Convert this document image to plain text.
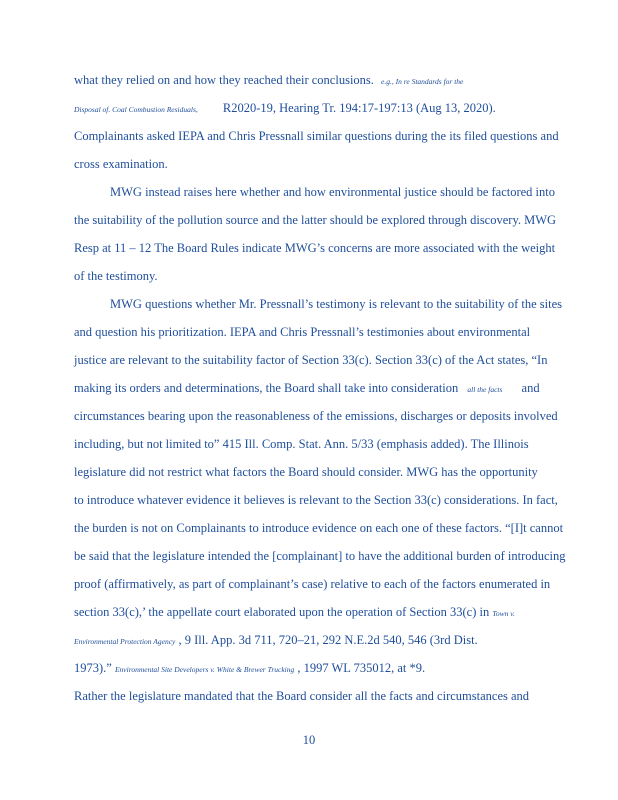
what they relied on and how they reached their conclusions. e.g., In re Standards for the
Disposal of. Coal Combustion Residuals, R2020-19, Hearing Tr. 194:17-197:13 (Aug 13, 2020).
Complainants asked IEPA and Chris Pressnall similar questions during the its filed questions and
cross examination.
MWG instead raises here whether and how environmental justice should be factored into
the suitability of the pollution source and the latter should be explored through discovery. MWG
Resp at 11 – 12 The Board Rules indicate MWG’s concerns are more associated with the weight
of the testimony.
MWG questions whether Mr. Pressnall’s testimony is relevant to the suitability of the sites
and question his prioritization. IEPA and Chris Pressnall’s testimonies about environmental
justice are relevant to the suitability factor of Section 33(c). Section 33(c) of the Act states, “In
making its orders and determinations, the Board shall take into consideration all the facts and
circumstances bearing upon the reasonableness of the emissions, discharges or deposits involved
including, but not limited to” 415 Ill. Comp. Stat. Ann. 5/33 (emphasis added). The Illinois
legislature did not restrict what factors the Board should consider. MWG has the opportunity
to introduce whatever evidence it believes is relevant to the Section 33(c) considerations. In fact,
the burden is not on Complainants to introduce evidence on each one of these factors. “[I]t cannot
be said that the legislature intended the [complainant] to have the additional burden of introducing
proof (affirmatively, as part of complainant’s case) relative to each of the factors enumerated in
section 33(c),’ the appellate court elaborated upon the operation of Section 33(c) in Town v.
Environmental Protection Agency , 9 Ill. App. 3d 711, 720–21, 292 N.E.2d 540, 546 (3rd Dist.
1973).” Environmental Site Developers v. White & Brewer Trucking , 1997 WL 735012, at *9.
Rather the legislature mandated that the Board consider all the facts and circumstances and
10
